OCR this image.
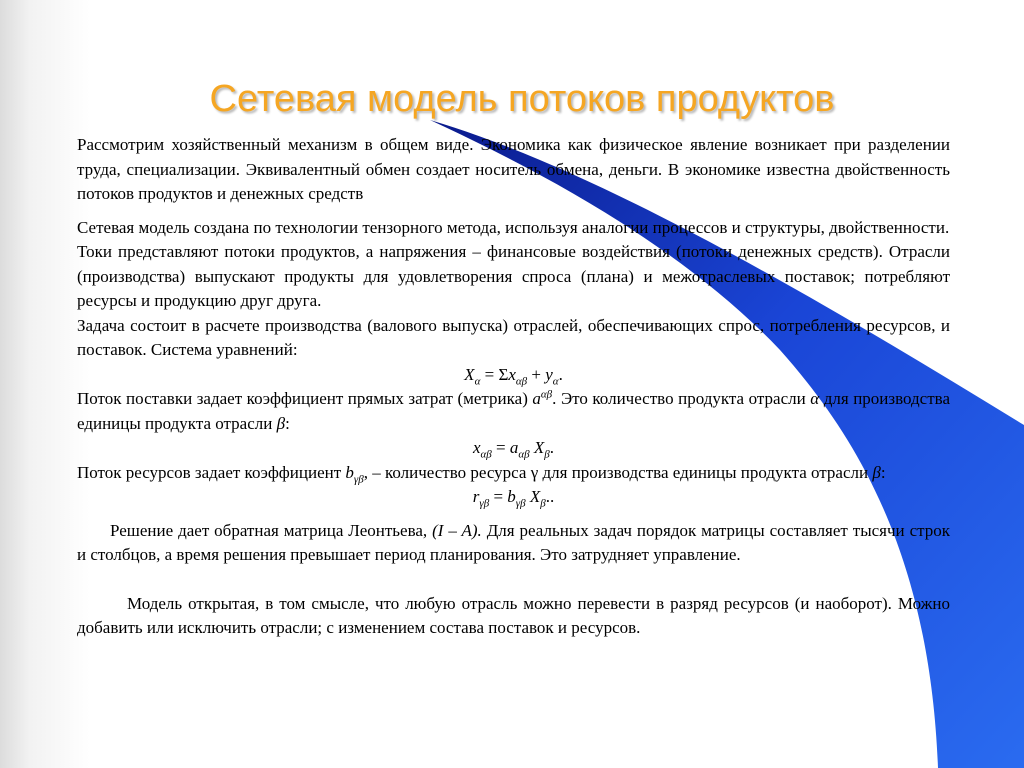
Сетевая модель потоков продуктов

Рассмотрим хозяйственный механизм в общем виде. Экономика как физическое явление возникает при разделении труда, специализации. Эквивалентный обмен создает носитель обмена, деньги. В экономике известна двойственность потоков продуктов и денежных средств

Сетевая модель создана по технологии тензорного метода, используя аналогии процессов и структуры, двойственности.

Токи представляют потоки продуктов, а напряжения – финансовые воздействия (потоки денежных средств). Отрасли (производства) выпускают продукты для удовлетворения спроса (плана) и межотраслевых поставок; потребляют ресурсы и продукцию друг друга.

Задача состоит в расчете производства (валового выпуска) отраслей, обеспечивающих спрос, потребления ресурсов, и поставок. Система уравнений:

$X_\alpha = \Sigma x_{\alpha\beta} + y_\alpha$.

Поток поставки задает коэффициент прямых затрат (метрика) $a^{\alpha\beta}$. Это количество продукта отрасли α для производства единицы продукта отрасли β:

$x_{\alpha\beta} = a_{\alpha\beta}$ $X_\beta$.

Поток ресурсов задает коэффициент $b_{\gamma\beta}$, – количество ресурса γ для производства единицы продукта отрасли β:

$r_{\gamma\beta} = b_{\gamma\beta}$ $X_\beta$..

Решение дает обратная матрица Леонтьева, (I – A). Для реальных задач порядок матрицы составляет тысячи строк и столбцов, а время решения превышает период планирования. Это затрудняет управление.

Модель открытая, в том смысле, что любую отрасль можно перевести в разряд ресурсов (и наоборот). Можно добавить или исключить отрасли; с изменением состава поставок и ресурсов.
